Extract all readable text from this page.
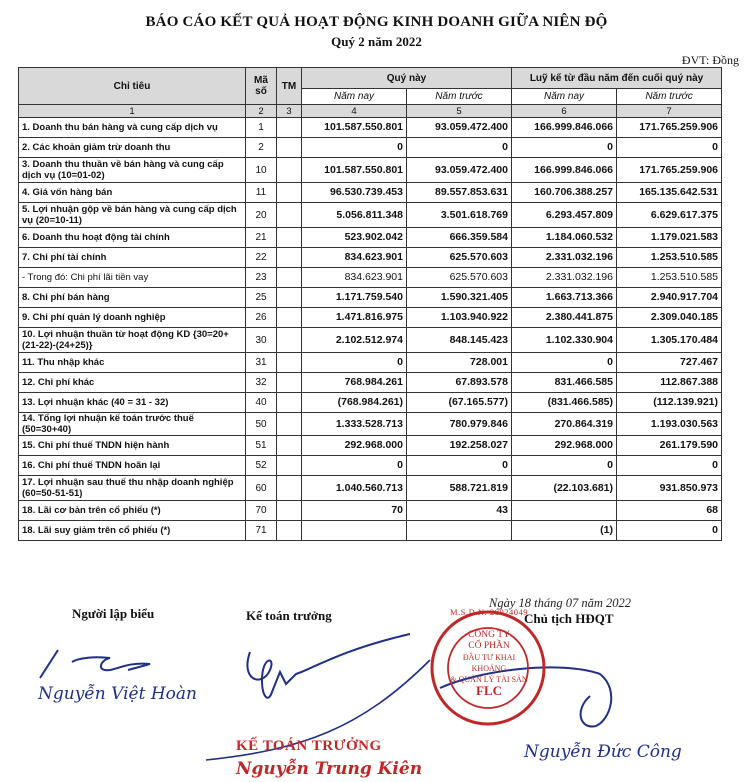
BÁO CÁO KẾT QUẢ HOẠT ĐỘNG KINH DOANH GIỮA NIÊN ĐỘ
Quý 2 năm 2022
ĐVT: Đồng
Chỉ tiêu	Mã số	TM	Quý này		Luỹ kế từ đầu năm đến cuối quý này	
			Năm nay	Năm trước	Năm nay	Năm trước
1	2	3	4	5	6	7
1. Doanh thu bán hàng và cung cấp dịch vụ	1		101.587.550.801	93.059.472.400	166.999.846.066	171.765.259.906
2. Các khoản giảm trừ doanh thu	2		0	0	0	0
3. Doanh thu thuần về bán hàng và cung cấp dịch vụ (10=01-02)	10		101.587.550.801	93.059.472.400	166.999.846.066	171.765.259.906
4. Giá vốn hàng bán	11		96.530.739.453	89.557.853.631	160.706.388.257	165.135.642.531
5. Lợi nhuận gộp về bán hàng và cung cấp dịch vụ (20=10-11)	20		5.056.811.348	3.501.618.769	6.293.457.809	6.629.617.375
6. Doanh thu hoạt động tài chính	21		523.902.042	666.359.584	1.184.060.532	1.179.021.583
7. Chi phí tài chính	22		834.623.901	625.570.603	2.331.032.196	1.253.510.585
- Trong đó: Chi phí lãi tiền vay	23		834.623.901	625.570.603	2.331.032.196	1.253.510.585
8. Chi phí bán hàng	25		1.171.759.540	1.590.321.405	1.663.713.366	2.940.917.704
9. Chi phí quản lý doanh nghiệp	26		1.471.816.975	1.103.940.922	2.380.441.875	2.309.040.185
10. Lợi nhuận thuần từ hoạt động KD {30=20+(21-22)-(24+25)}	30		2.102.512.974	848.145.423	1.102.330.904	1.305.170.484
11. Thu nhập khác	31		0	728.001	0	727.467
12. Chi phí khác	32		768.984.261	67.893.578	831.466.585	112.867.388
13. Lợi nhuận khác (40 = 31 - 32)	40		(768.984.261)	(67.165.577)	(831.466.585)	(112.139.921)
14. Tổng lợi nhuận kế toán trước thuế (50=30+40)	50		1.333.528.713	780.979.846	270.864.319	1.193.030.563
15. Chi phí thuế TNDN hiện hành	51		292.968.000	192.258.027	292.968.000	261.179.590
16. Chi phí thuế TNDN hoãn lại	52		0	0	0	0
17. Lợi nhuận sau thuế thu nhập doanh nghiệp (60=50-51-51)	60		1.040.560.713	588.721.819	(22.103.681)	931.850.973
18. Lãi cơ bản trên cổ phiếu (*)	70		70	43		68
18. Lãi suy giảm trên cổ phiếu (*)	71				(1)	0
Người lập biểu	Kế toán trưởng
Ngày 18 tháng 07 năm 2022
Chủ tịch HĐQT
CÔNG TY
CỔ PHẦN
ĐẦU TƯ KHAI KHOÁNG
& QUẢN LÝ TÀI SẢN
FLC
M.S.D.N: 28024049
Nguyễn Việt Hoàn
KẾ TOÁN TRƯỞNG
Nguyễn Trung Kiên
Nguyễn Đức Công
